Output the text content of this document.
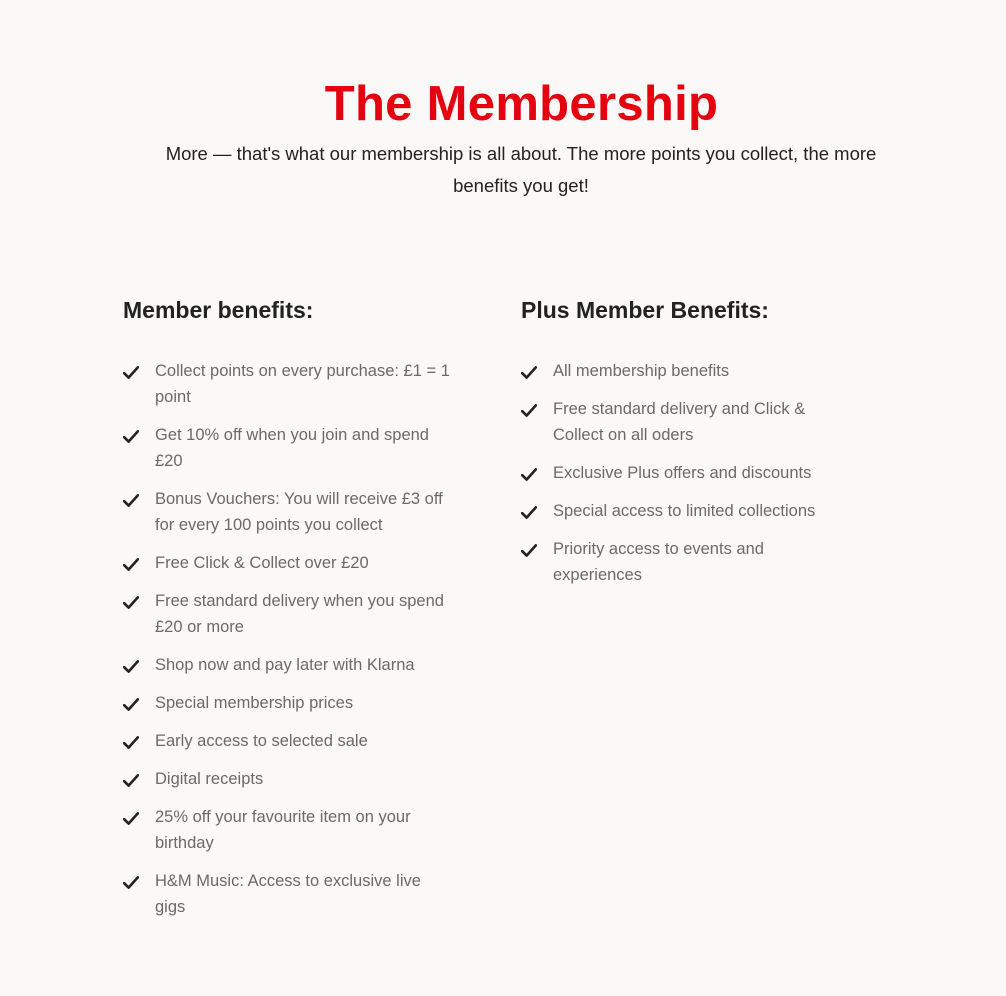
The Membership

More — that's what our membership is all about. The more points you collect, the more benefits you get!

Member benefits:
Collect points on every purchase: £1 = 1 point
Get 10% off when you join and spend £20
Bonus Vouchers: You will receive £3 off for every 100 points you collect
Free Click & Collect over £20
Free standard delivery when you spend £20 or more
Shop now and pay later with Klarna
Special membership prices
Early access to selected sale
Digital receipts
25% off your favourite item on your birthday
H&M Music: Access to exclusive live gigs
Plus Member Benefits:
All membership benefits
Free standard delivery and Click & Collect on all oders
Exclusive Plus offers and discounts
Special access to limited collections
Priority access to events and experiences
